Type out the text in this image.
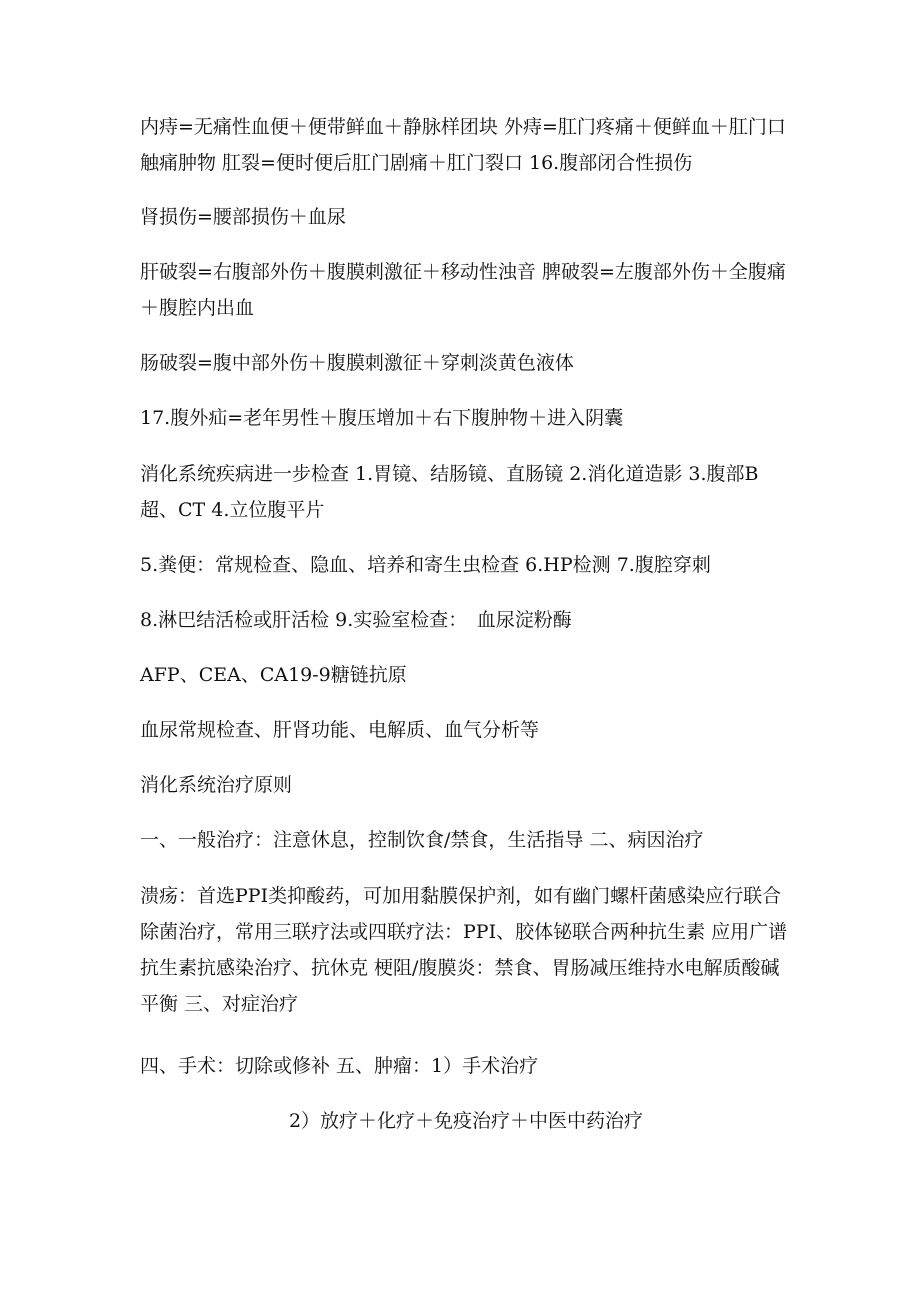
内痔=无痛性血便＋便带鲜血＋静脉样团块 外痔=肛门疼痛＋便鲜血＋肛门口触痛肿物 肛裂=便时便后肛门剧痛＋肛门裂口 16.腹部闭合性损伤

肾损伤=腰部损伤＋血尿

肝破裂=右腹部外伤＋腹膜刺激征＋移动性浊音 脾破裂=左腹部外伤＋全腹痛＋腹腔内出血

肠破裂=腹中部外伤＋腹膜刺激征＋穿刺淡黄色液体

17.腹外疝=老年男性＋腹压增加＋右下腹肿物＋进入阴囊

消化系统疾病进一步检查 1.胃镜、结肠镜、直肠镜 2.消化道造影 3.腹部B超、CT 4.立位腹平片

5.粪便：常规检查、隐血、培养和寄生虫检查 6.HP检测 7.腹腔穿刺

8.淋巴结活检或肝活检 9.实验室检查：　血尿淀粉酶

AFP、CEA、CA19-9糖链抗原

血尿常规检查、肝肾功能、电解质、血气分析等

消化系统治疗原则

一、一般治疗：注意休息，控制饮食/禁食，生活指导 二、病因治疗

溃疡：首选PPI类抑酸药，可加用黏膜保护剂，如有幽门螺杆菌感染应行联合除菌治疗，常用三联疗法或四联疗法：PPI、胶体铋联合两种抗生素 应用广谱抗生素抗感染治疗、抗休克 梗阻/腹膜炎：禁食、胃肠减压维持水电解质酸碱平衡 三、对症治疗

四、手术：切除或修补 五、肿瘤：1）手术治疗

2）放疗＋化疗＋免疫治疗＋中医中药治疗
